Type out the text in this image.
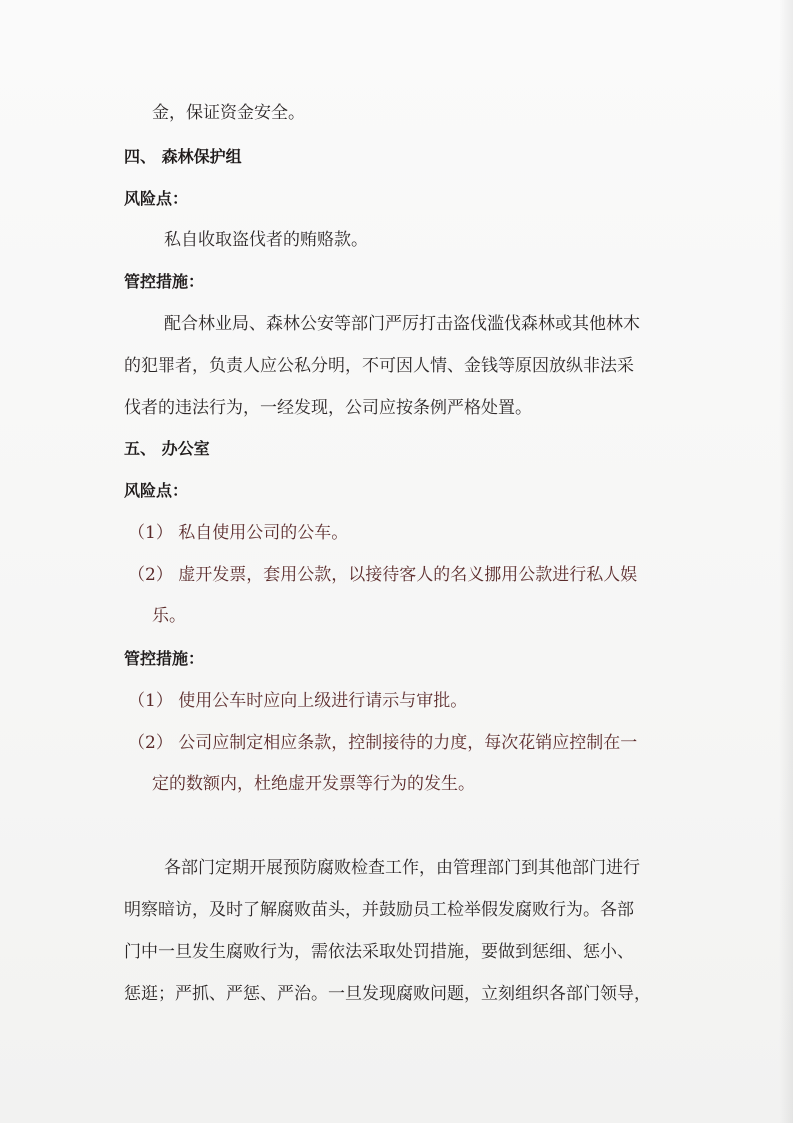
金，保证资金安全。
四、 森林保护组
风险点：
私自收取盗伐者的贿赂款。
管控措施：
配合林业局、森林公安等部门严厉打击盗伐滥伐森林或其他林木
的犯罪者，负责人应公私分明，不可因人情、金钱等原因放纵非法采
伐者的违法行为，一经发现，公司应按条例严格处置。
五、 办公室
风险点：
（1） 私自使用公司的公车。
（2） 虚开发票，套用公款，以接待客人的名义挪用公款进行私人娱
乐。
管控措施：
（1） 使用公车时应向上级进行请示与审批。
（2） 公司应制定相应条款，控制接待的力度，每次花销应控制在一
定的数额内，杜绝虚开发票等行为的发生。
各部门定期开展预防腐败检查工作，由管理部门到其他部门进行
明察暗访，及时了解腐败苗头，并鼓励员工检举假发腐败行为。各部
门中一旦发生腐败行为，需依法采取处罚措施，要做到惩细、惩小、
惩逛；严抓、严惩、严治。一旦发现腐败问题，立刻组织各部门领导，
